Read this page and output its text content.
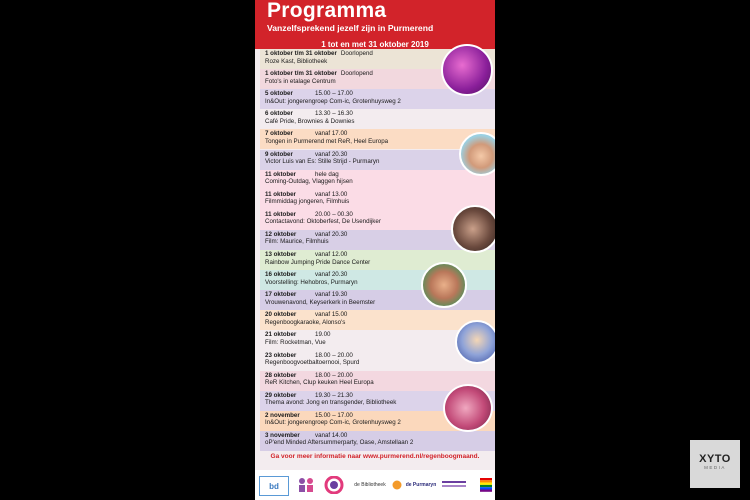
Programma
Vanzelfsprekend jezelf zijn in Purmerend
1 oktober t/m 31 oktober Doorlopend
Roze Kast, Bibliotheek
1 oktober t/m 31 oktober Doorlopend
Foto's in etalage Centrum
5 oktober	15.00 – 17.00
In&Out: jongerengroep Com-ic, Grotenhuysweg 2
6 oktober	13.30 – 16.30
Café Pride, Brownies & Downies
7 oktober	vanaf 17.00
Tongen in Purmerend met ReR, Heel Europa
9 oktober	vanaf 20.30
Victor Luis van Es: Stille Strijd - Purmaryn
11 oktober	hele dag
Coming-Outdag, Vlaggen hijsen
11 oktober	vanaf 13.00
Filmmiddag jongeren, Filmhuis
11 oktober	20.00 – 00.30
Contactavond: Oktoberfest, De Usendijker
12 oktober	vanaf 20.30
Film: Maurice, Filmhuis
13 oktober	vanaf 12.00
Rainbow Jumping Pride Dance Center
16 oktober	vanaf 20.30
Voorstelling: Hehobros, Purmaryn
17 oktober	vanaf 19.30
Vrouwenavond, Keyserkerk in Beemster
20 oktober	vanaf 15.00
Regenboogkaraoke, Alonso's
21 oktober	19.00
Film: Rocketman, Vue
23 oktober	18.00 – 20.00
Regenboogvoetbaltoernooi, Spurd
28 oktober	18.00 – 20.00
ReR Kitchen, Clup keuken Heel Europa
29 oktober	19.30 – 21.30
Thema avond: Jong en transgender, Bibliotheek
2 november 15.00 – 17.00
In&Out: jongerengroep Com-ic, Grotenhuysweg 2
3 november vanaf 14.00
oP'end Minded Aftersummerparty, Oase, Amstellaan 2
1 tot en met 31 oktober 2019
Ga voor meer informatie naar www.purmerend.nl/regenboogmaand.
bd	de Bibliotheek	de Purmaryn
XYTO
MEDIA
